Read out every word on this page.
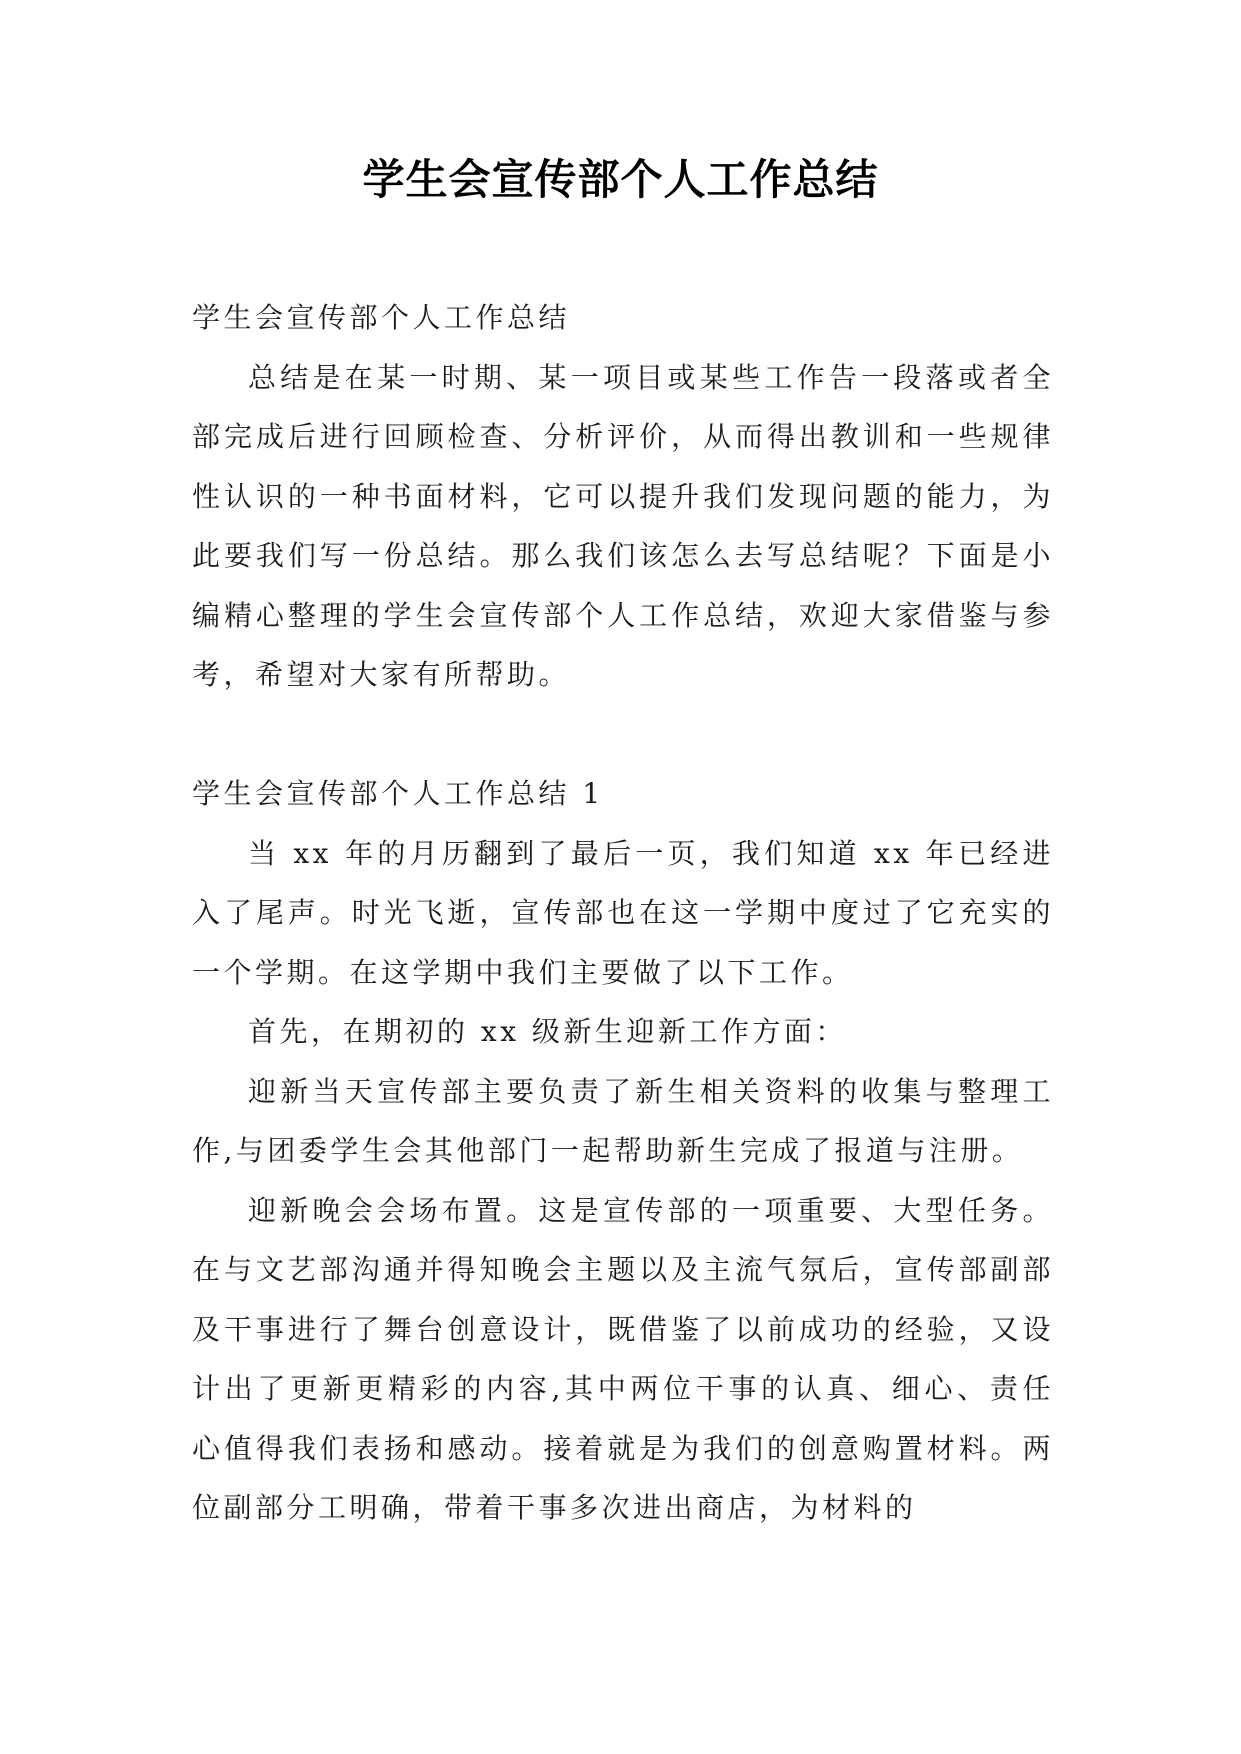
学生会宣传部个人工作总结

学生会宣传部个人工作总结

总结是在某一时期、某一项目或某些工作告一段落或者全部完成后进行回顾检查、分析评价，从而得出教训和一些规律性认识的一种书面材料，它可以提升我们发现问题的能力，为此要我们写一份总结。那么我们该怎么去写总结呢？下面是小编精心整理的学生会宣传部个人工作总结，欢迎大家借鉴与参考，希望对大家有所帮助。

学生会宣传部个人工作总结 1

当 xx 年的月历翻到了最后一页，我们知道 xx 年已经进入了尾声。时光飞逝，宣传部也在这一学期中度过了它充实的一个学期。在这学期中我们主要做了以下工作。

首先，在期初的 xx 级新生迎新工作方面：

迎新当天宣传部主要负责了新生相关资料的收集与整理工作,与团委学生会其他部门一起帮助新生完成了报道与注册。

迎新晚会会场布置。这是宣传部的一项重要、大型任务。在与文艺部沟通并得知晚会主题以及主流气氛后，宣传部副部及干事进行了舞台创意设计，既借鉴了以前成功的经验，又设计出了更新更精彩的内容,其中两位干事的认真、细心、责任心值得我们表扬和感动。接着就是为我们的创意购置材料。两位副部分工明确，带着干事多次进出商店，为材料的
